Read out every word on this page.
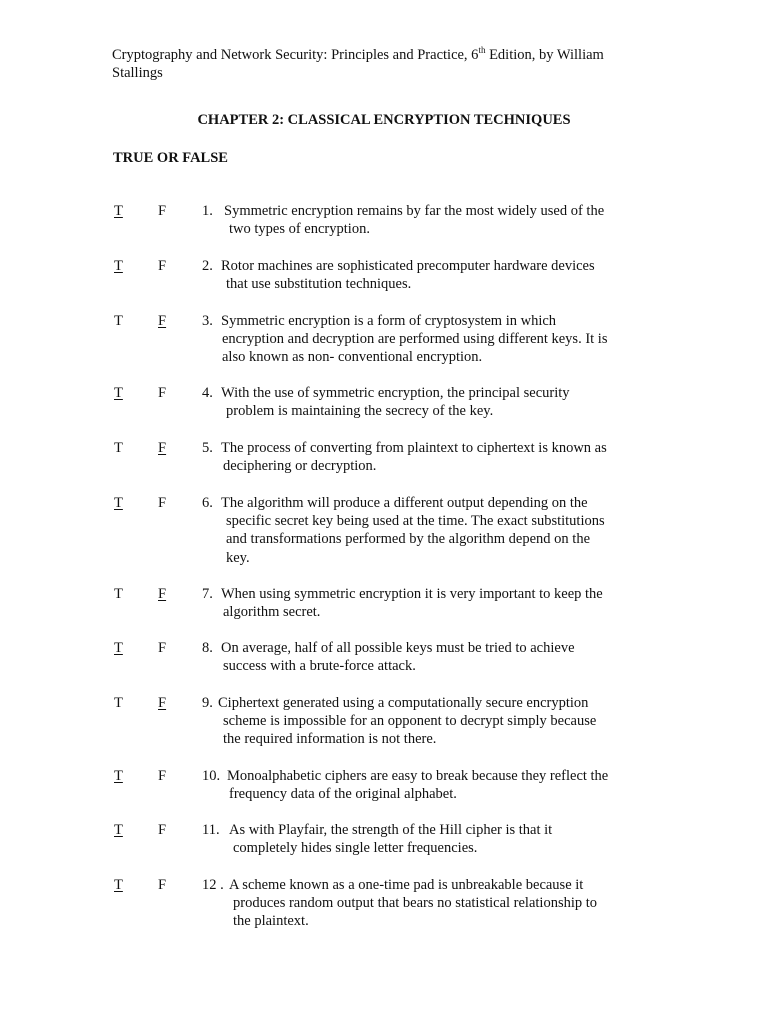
Cryptography and Network Security: Principles and Practice, 6th Edition, by William
Stallings
CHAPTER 2: CLASSICAL ENCRYPTION TECHNIQUES
TRUE OR FALSE
T F 1. Symmetric encryption remains by far the most widely used of the
two types of encryption.
T F 2. Rotor machines are sophisticated precomputer hardware devices
that use substitution techniques.
T F 3. Symmetric encryption is a form of cryptosystem in which
encryption and decryption are performed using different keys. It is
also known as non- conventional encryption.
T F 4. With the use of symmetric encryption, the principal security
problem is maintaining the secrecy of the key.
T F 5. The process of converting from plaintext to ciphertext is known as
deciphering or decryption.
T F 6. The algorithm will produce a different output depending on the
specific secret key being used at the time. The exact substitutions
and transformations performed by the algorithm depend on the
key.
T F 7. When using symmetric encryption it is very important to keep the
algorithm secret.
T F 8. On average, half of all possible keys must be tried to achieve
success with a brute-force attack.
T F 9. Ciphertext generated using a computationally secure encryption
scheme is impossible for an opponent to decrypt simply because
the required information is not there.
T F 10. Monoalphabetic ciphers are easy to break because they reflect the
frequency data of the original alphabet.
T F 11. As with Playfair, the strength of the Hill cipher is that it
completely hides single letter frequencies.
T F 12 . A scheme known as a one-time pad is unbreakable because it
produces random output that bears no statistical relationship to
the plaintext.
